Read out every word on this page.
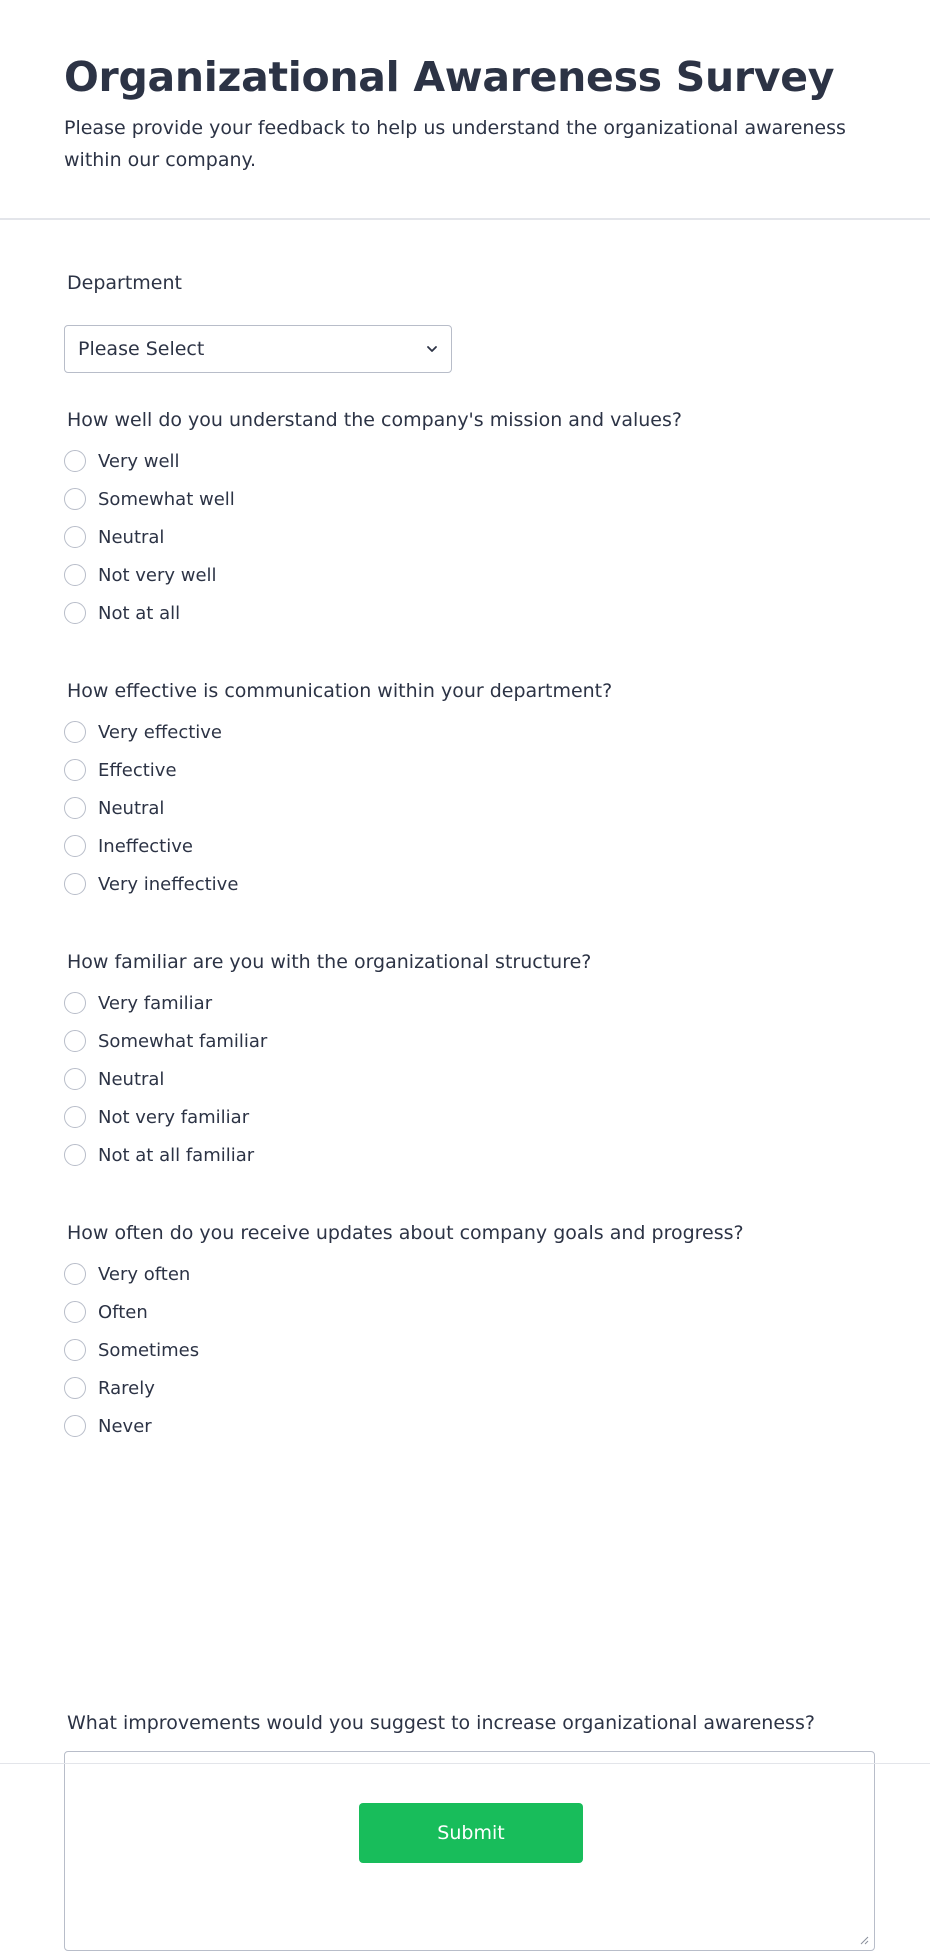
Organizational Awareness Survey

Please provide your feedback to help us understand the organizational awareness within our company.

Department
Please Select
How well do you understand the company's mission and values?
Very well
Somewhat well
Neutral
Not very well
Not at all
How effective is communication within your department?
Very effective
Effective
Neutral
Ineffective
Very ineffective
How familiar are you with the organizational structure?
Very familiar
Somewhat familiar
Neutral
Not very familiar
Not at all familiar
How often do you receive updates about company goals and progress?
Very often
Often
Sometimes
Rarely
Never
What improvements would you suggest to increase organizational awareness?
Submit
